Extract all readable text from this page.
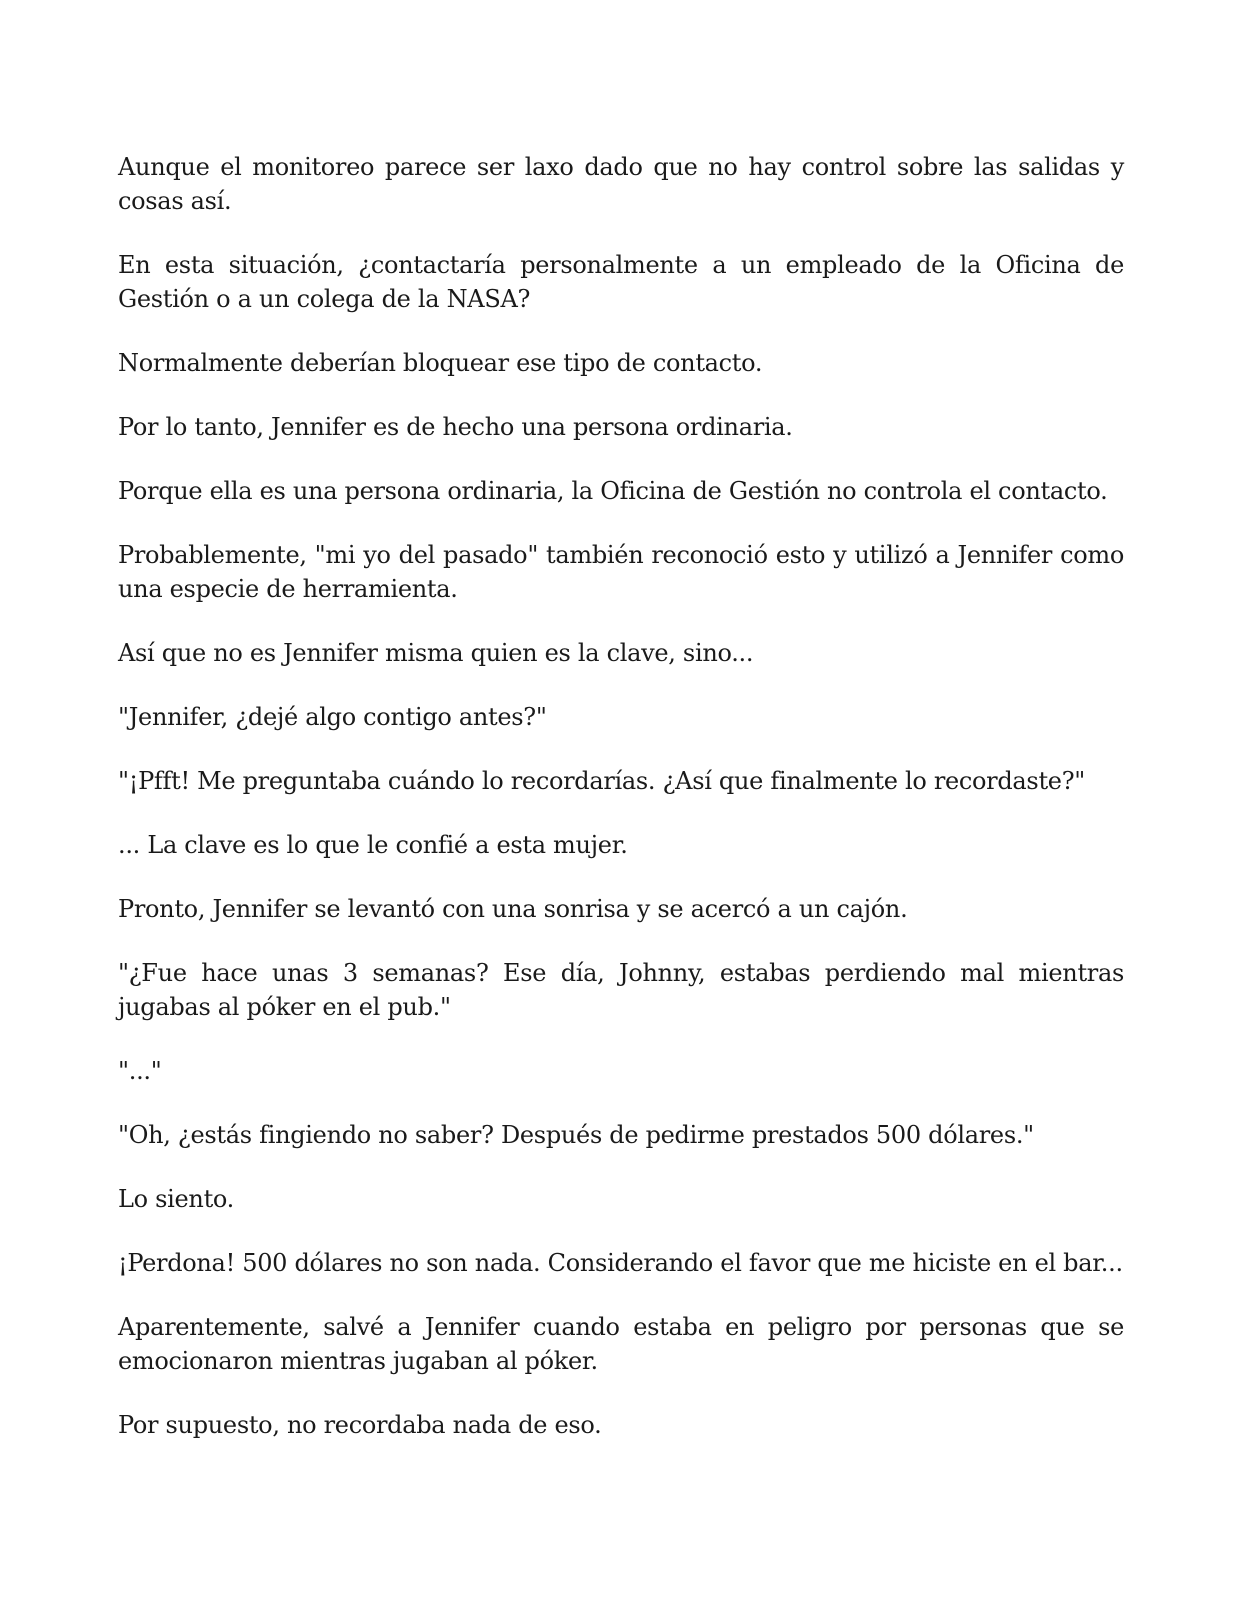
Aunque el monitoreo parece ser laxo dado que no hay control sobre las salidas y cosas así.

En esta situación, ¿contactaría personalmente a un empleado de la Oficina de Gestión o a un colega de la NASA?

Normalmente deberían bloquear ese tipo de contacto.

Por lo tanto, Jennifer es de hecho una persona ordinaria.

Porque ella es una persona ordinaria, la Oficina de Gestión no controla el contacto.

Probablemente, "mi yo del pasado" también reconoció esto y utilizó a Jennifer como una especie de herramienta.

Así que no es Jennifer misma quien es la clave, sino...

"Jennifer, ¿dejé algo contigo antes?"

"¡Pfft! Me preguntaba cuándo lo recordarías. ¿Así que finalmente lo recordaste?"

... La clave es lo que le confié a esta mujer.

Pronto, Jennifer se levantó con una sonrisa y se acercó a un cajón.

"¿Fue hace unas 3 semanas? Ese día, Johnny, estabas perdiendo mal mientras jugabas al póker en el pub."

"..."

"Oh, ¿estás fingiendo no saber? Después de pedirme prestados 500 dólares."

Lo siento.

¡Perdona! 500 dólares no son nada. Considerando el favor que me hiciste en el bar...

Aparentemente, salvé a Jennifer cuando estaba en peligro por personas que se emocionaron mientras jugaban al póker.

Por supuesto, no recordaba nada de eso.
